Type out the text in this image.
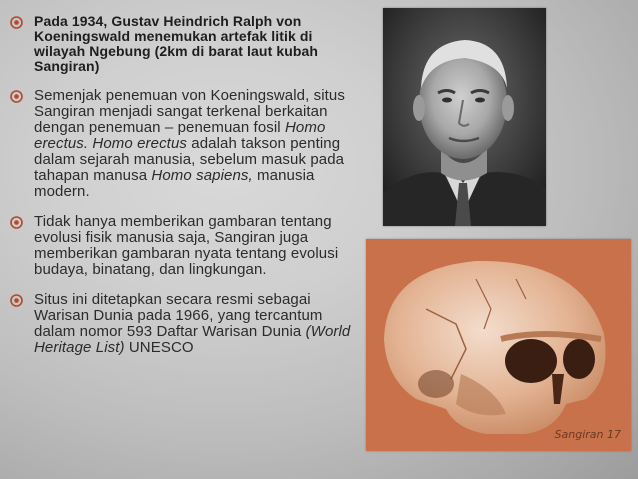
Pada 1934, Gustav Heindrich Ralph von Koeningswald menemukan artefak litik di wilayah Ngebung (2km di barat laut kubah Sangiran)
Semenjak penemuan von Koeningswald, situs Sangiran menjadi sangat terkenal berkaitan dengan penemuan – penemuan fosil Homo erectus. Homo erectus adalah takson penting dalam sejarah manusia, sebelum masuk pada tahapan manusa Homo sapiens, manusia modern.
Tidak hanya memberikan gambaran tentang evolusi fisik manusia saja, Sangiran juga memberikan gambaran nyata tentang evolusi budaya, binatang, dan lingkungan.
Situs ini ditetapkan secara resmi sebagai Warisan Dunia pada 1966, yang tercantum dalam nomor 593 Daftar Warisan Dunia (World Heritage List) UNESCO
Sangiran 17
